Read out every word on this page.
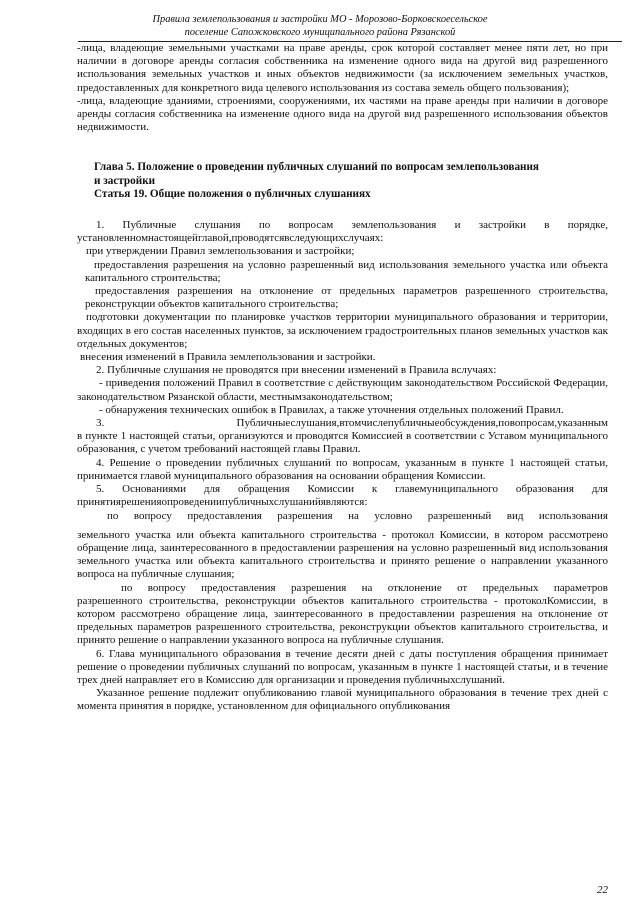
Правила землепользования и застройки МО - Морозово-Борковскоесельское
поселение Сапожковского муниципального района Рязанской

-лица, владеющие земельными участками на праве аренды, срок которой составляет менее пяти лет, но при наличии в договоре аренды согласия собственника на изменение одного вида на другой вид разрешенного использования земельных участков и иных объектов недвижимости (за исключением земельных участков, предоставленных для конкретного вида целевого использования из состава земель общего пользования);

-лица, владеющие зданиями, строениями, сооружениями, их частями на праве аренды при наличии в договоре аренды согласия собственника на изменение одного вида на другой вид разрешенного использования объектов недвижимости.

Глава 5. Положение о проведении публичных слушаний по вопросам землепользования
и застройки
Статья 19. Общие положения о публичных слушаниях

1. Публичные слушания по вопросам землепользования и застройки в порядке, установленномнастоящейглавой,проводятсявследующихслучаях:

при утверждении Правил землепользования и застройки;

предоставления разрешения на условно разрешенный вид использования земельного участка или объекта капитального строительства;

предоставления разрешения на отклонение от предельных параметров разрешенного строительства, реконструкции объектов капитального строительства;

подготовки документации по планировке участков территории муниципального образования и территории, входящих в его состав населенных пунктов, за исключением градостроительных планов земельных участков как отдельных документов;

внесения изменений в Правила землепользования и застройки.

2. Публичные слушания не проводятся при внесении изменений в Правила вслучаях:

- приведения положений Правил в соответствие с действующим законодательством Российской Федерации, законодательством Рязанской области, местнымзаконодательством;

- обнаружения технических ошибок в Правилах, а также уточнения отдельных положений Правил.

3. Публичныеслушания,втомчислепубличныеобсуждения,повопросам,указанным

в пункте 1 настоящей статьи, организуются и проводятся Комиссией в соответствии с Уставом муниципального образования, с учетом требований настоящей главы Правил.

4. Решение о проведении публичных слушаний по вопросам, указанным в пункте 1 настоящей статьи, принимается главой муниципального образования на основании обращения Комиссии.

5. Основаниями для обращения Комиссии к главемуниципального образования для принятиярешенияопроведениипубличныхслушанийявляются:

по вопросу предоставления разрешения на условно разрешенный вид использования

земельного участка или объекта капитального строительства - протокол Комиссии, в котором рассмотрено обращение лица, заинтересованного в предоставлении разрешения на условно разрешенный вид использования земельного участка или объекта капитального строительства и принято решение о направлении указанного вопроса на публичные слушания;

по вопросу предоставления разрешения на отклонение от предельных параметров

разрешенного строительства, реконструкции объектов капитального строительства - протоколКомиссии, в котором рассмотрено обращение лица, заинтересованного в предоставлении разрешения на отклонение от предельных параметров разрешенного строительства, реконструкции объектов капитального строительства, и принято решение о направлении указанного вопроса на публичные слушания.

6. Глава муниципального образования в течение десяти дней с даты поступления обращения принимает решение о проведении публичных слушаний по вопросам, указанным в пункте 1 настоящей статьи, и в течение трех дней направляет его в Комиссию для организации и проведения публичныхслушаний.

Указанное решение подлежит опубликованию главой муниципального образования в течение трех дней с момента принятия в порядке, установленном для официального опубликования

22
